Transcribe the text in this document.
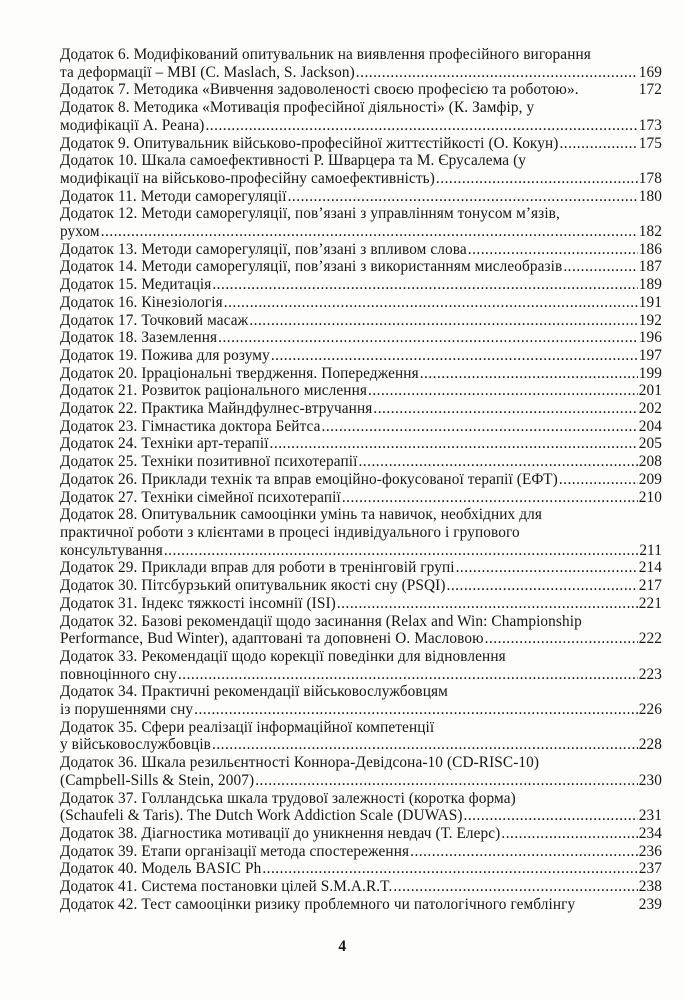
Додаток 6. Модифікований опитувальник на виявлення професійного вигорання
та деформації – МВІ (C. Maslach, S. Jackson) .....	169
Додаток 7. Методика «Вивчення задоволеності своєю професією та роботою».	172
Додаток 8. Методика «Мотивація професійної діяльності» (К. Замфір, у
модифікації А. Реана) .....	173
Додаток 9. Опитувальник військово-професійної життєстійкості (О. Кокун) .....	175
Додаток 10. Шкала самоефективності Р. Шварцера та М. Єрусалема (у
модифікації на військово-професійну самоефективність) .....	178
Додаток 11. Методи саморегуляції .....	180
Додаток 12. Методи саморегуляції, пов’язані з управлінням тонусом м’язів,
рухом .....	182
Додаток 13. Методи саморегуляції, пов’язані з впливом слова .....	186
Додаток 14. Методи саморегуляції, пов’язані з використанням мислеобразів .....	187
Додаток 15. Медитація .....	189
Додаток 16. Кінезіологія .....	191
Додаток 17. Точковий масаж .....	192
Додаток 18. Заземлення .....	196
Додаток 19. Пожива для розуму .....	197
Додаток 20. Ірраціональні твердження. Попередження .....	199
Додаток 21. Розвиток раціонального мислення .....	201
Додаток 22. Практика Майндфулнес-втручання .....	202
Додаток 23. Гімнастика доктора Бейтса .....	204
Додаток 24. Техніки арт-терапії .....	205
Додаток 25. Техніки позитивної психотерапії .....	208
Додаток 26. Приклади технік та вправ емоційно-фокусованої терапії (ЕФТ) .....	209
Додаток 27. Техніки сімейної психотерапії .....	210
Додаток 28. Опитувальник самооцінки умінь та навичок, необхідних для
практичної роботи з клієнтами в процесі індивідуального і групового
консультування .....	211
Додаток 29. Приклади вправ для роботи в тренінговій групі .....	214
Додаток 30. Пітсбурзький опитувальник якості сну (PSQI) .....	217
Додаток 31. Індекс тяжкості інсомнії (ISI) .....	221
Додаток 32. Базові рекомендації щодо засинання (Relax and Win: Championship
Performance, Bud Winter), адаптовані та доповнені О. Масловою .....	222
Додаток 33. Рекомендації щодо корекції поведінки для відновлення
повноцінного сну .....	223
Додаток 34. Практичні рекомендації військовослужбовцям
із порушеннями сну .....	226
Додаток 35. Сфери реалізації інформаційної компетенції
у військовослужбовців .....	228
Додаток 36. Шкала резильєнтності Коннора-Девідсона-10 (CD-RISC-10)
(Campbell-Sills & Stein, 2007) .....	230
Додаток 37. Голландська шкала трудової залежності (коротка форма)
(Schaufeli & Taris). The Dutch Work Addiction Scale (DUWAS) .....	231
Додаток 38. Діагностика мотивації до уникнення невдач (Т. Елерс) .....	234
Додаток 39. Етапи організації метода спостереження .....	236
Додаток 40. Модель BASIC Ph .....	237
Додаток 41. Система постановки цілей S.M.A.R.T. .....	238
Додаток 42. Тест самооцінки ризику проблемного чи патологічного гемблінгу	239
4
